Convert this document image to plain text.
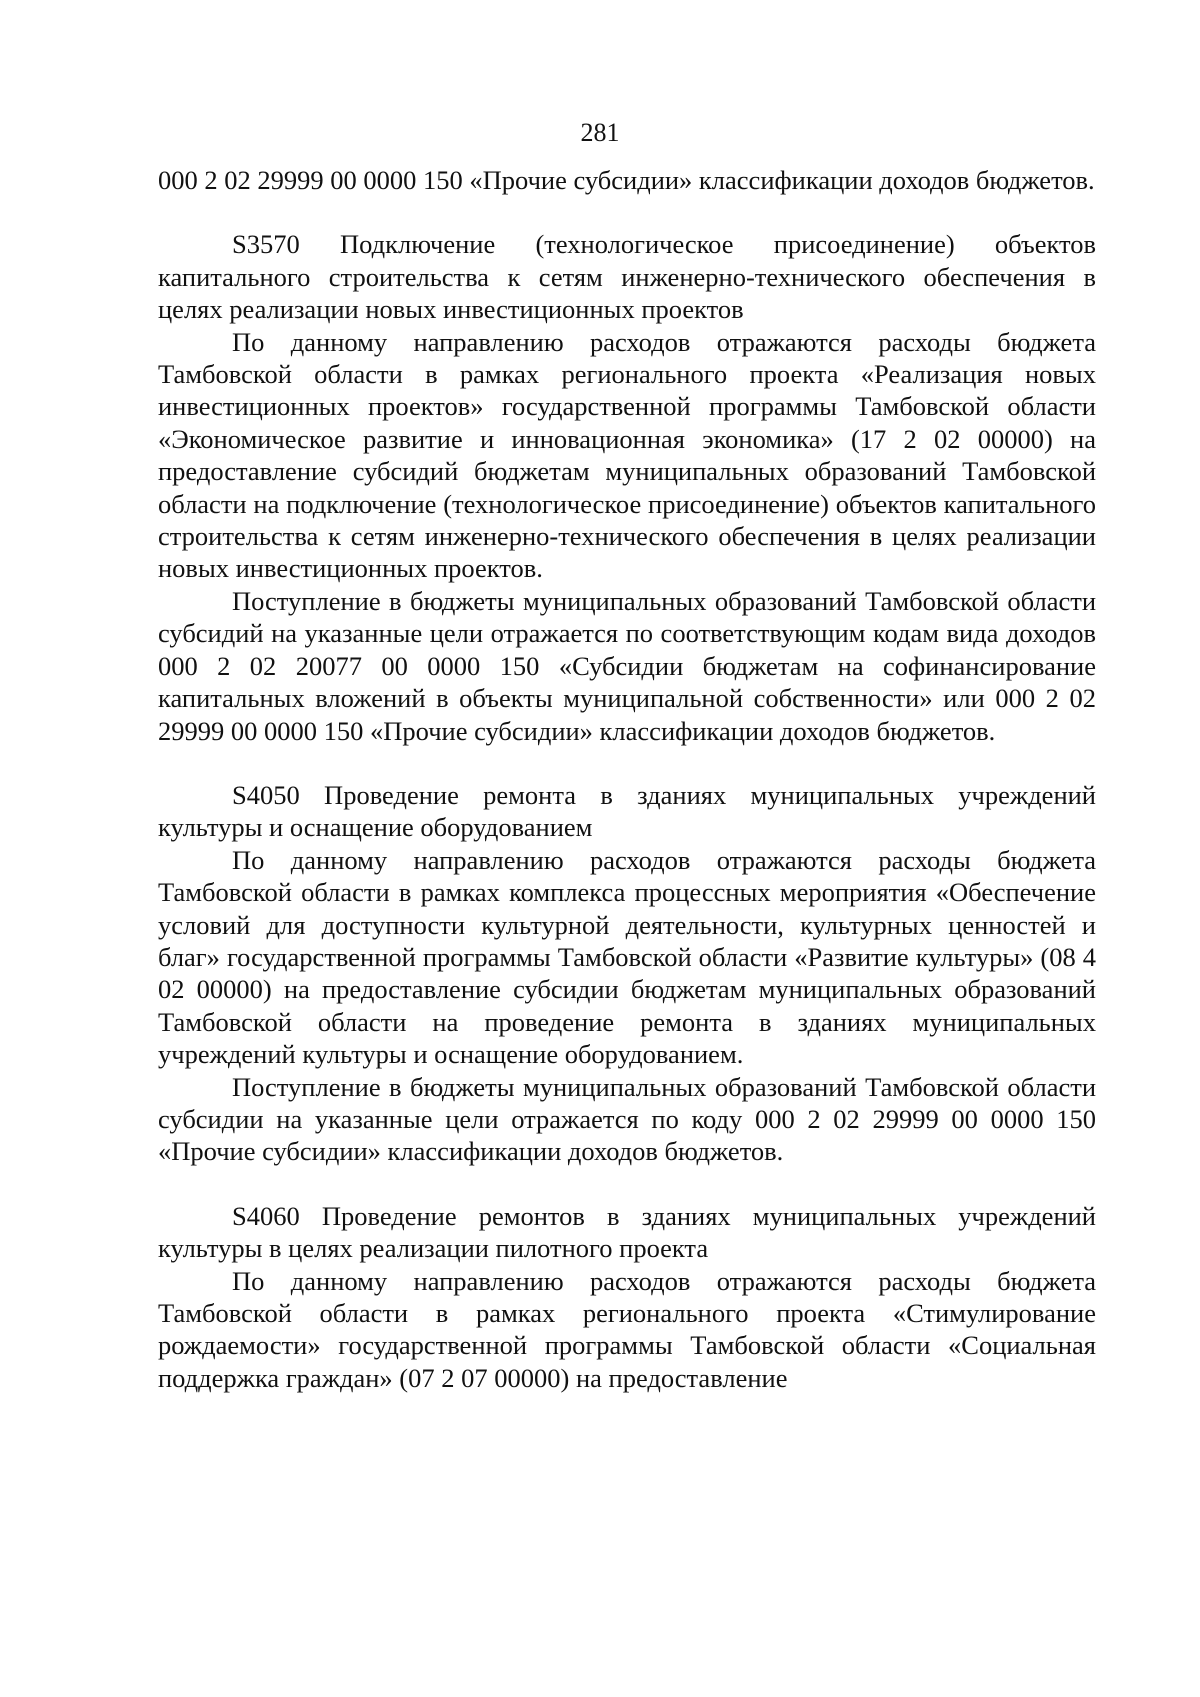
281

000 2 02 29999 00 0000 150 «Прочие субсидии» классификации доходов бюджетов.

S3570 Подключение (технологическое присоединение) объектов капитального строительства к сетям инженерно-технического обеспечения в целях реализации новых инвестиционных проектов

По данному направлению расходов отражаются расходы бюджета Тамбовской области в рамках регионального проекта «Реализация новых инвестиционных проектов» государственной программы Тамбовской области «Экономическое развитие и инновационная экономика» (17 2 02 00000) на предоставление субсидий бюджетам муниципальных образований Тамбовской области на подключение (технологическое присоединение) объектов капитального строительства к сетям инженерно-технического обеспечения в целях реализации новых инвестиционных проектов.

Поступление в бюджеты муниципальных образований Тамбовской области субсидий на указанные цели отражается по соответствующим кодам вида доходов 000 2 02 20077 00 0000 150 «Субсидии бюджетам на софинансирование капитальных вложений в объекты муниципальной собственности» или 000 2 02 29999 00 0000 150 «Прочие субсидии» классификации доходов бюджетов.

S4050 Проведение ремонта в зданиях муниципальных учреждений культуры и оснащение оборудованием

По данному направлению расходов отражаются расходы бюджета Тамбовской области в рамках комплекса процессных мероприятия «Обеспечение условий для доступности культурной деятельности, культурных ценностей и благ» государственной программы Тамбовской области «Развитие культуры» (08 4 02 00000) на предоставление субсидии бюджетам муниципальных образований Тамбовской области на проведение ремонта в зданиях муниципальных учреждений культуры и оснащение оборудованием.

Поступление в бюджеты муниципальных образований Тамбовской области субсидии на указанные цели отражается по коду 000 2 02 29999 00 0000 150 «Прочие субсидии» классификации доходов бюджетов.

S4060 Проведение ремонтов в зданиях муниципальных учреждений культуры в целях реализации пилотного проекта

По данному направлению расходов отражаются расходы бюджета Тамбовской области в рамках регионального проекта «Стимулирование рождаемости» государственной программы Тамбовской области «Социальная поддержка граждан» (07 2 07 00000) на предоставление
